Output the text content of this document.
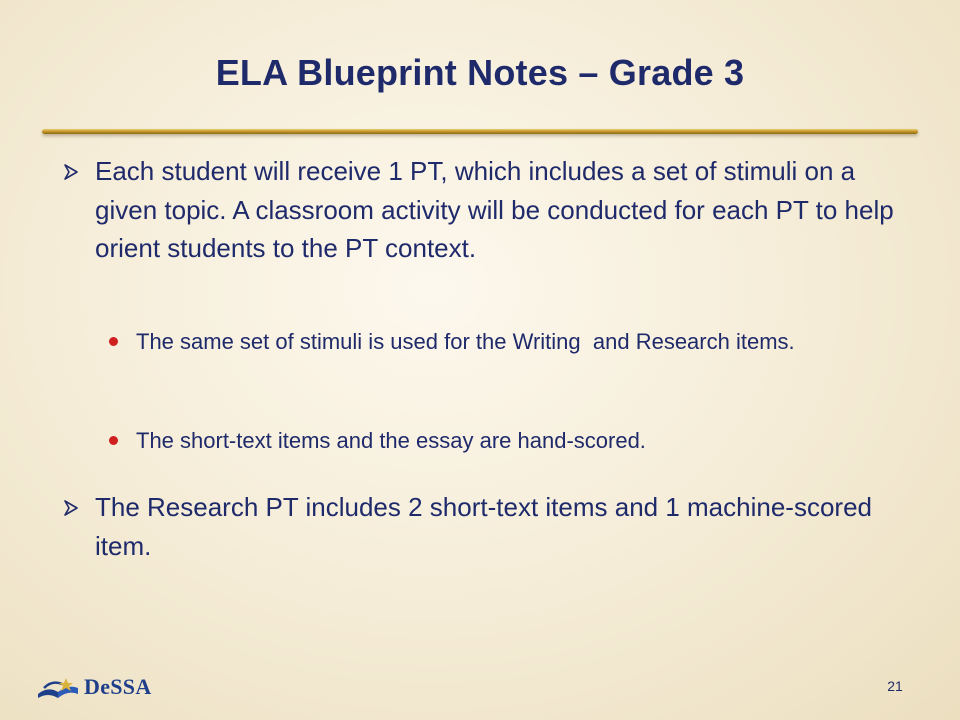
ELA Blueprint Notes – Grade 3
Each student will receive 1 PT, which includes a set of stimuli on a given topic. A classroom activity will be conducted for each PT to help orient students to the PT context.
The same set of stimuli is used for the Writing  and Research items.
The short-text items and the essay are hand-scored.
The Research PT includes 2 short-text items and 1 machine-scored item.
DeSSA	21
